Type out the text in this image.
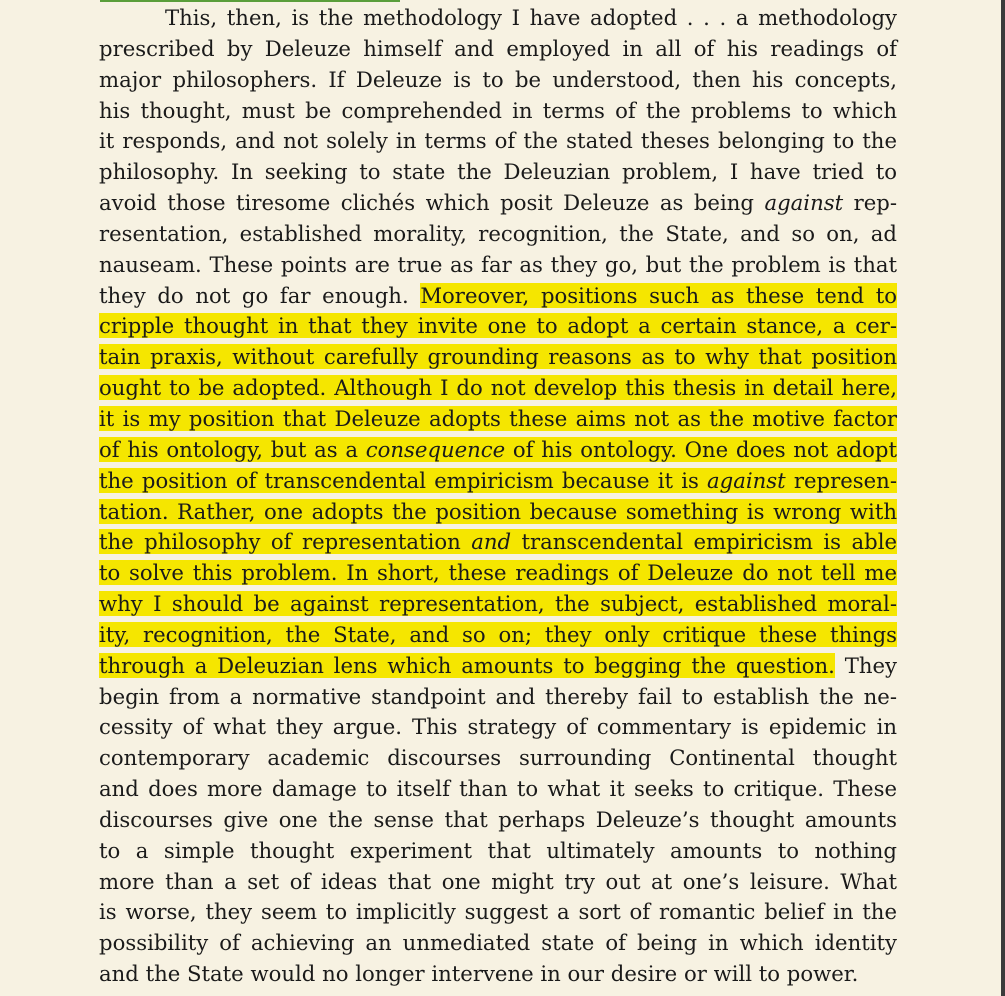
This, then, is the methodology I have adopted . . . a methodology
prescribed by Deleuze himself and employed in all of his readings of
major philosophers. If Deleuze is to be understood, then his concepts,
his thought, must be comprehended in terms of the problems to which
it responds, and not solely in terms of the stated theses belonging to the
philosophy. In seeking to state the Deleuzian problem, I have tried to
avoid those tiresome clichés which posit Deleuze as being against rep-
resentation, established morality, recognition, the State, and so on, ad
nauseam. These points are true as far as they go, but the problem is that
they do not go far enough. Moreover, positions such as these tend to
cripple thought in that they invite one to adopt a certain stance, a cer-
tain praxis, without carefully grounding reasons as to why that position
ought to be adopted. Although I do not develop this thesis in detail here,
it is my position that Deleuze adopts these aims not as the motive factor
of his ontology, but as a consequence of his ontology. One does not adopt
the position of transcendental empiricism because it is against represen-
tation. Rather, one adopts the position because something is wrong with
the philosophy of representation and transcendental empiricism is able
to solve this problem. In short, these readings of Deleuze do not tell me
why I should be against representation, the subject, established moral-
ity, recognition, the State, and so on; they only critique these things
through a Deleuzian lens which amounts to begging the question. They
begin from a normative standpoint and thereby fail to establish the ne-
cessity of what they argue. This strategy of commentary is epidemic in
contemporary academic discourses surrounding Continental thought
and does more damage to itself than to what it seeks to critique. These
discourses give one the sense that perhaps Deleuze’s thought amounts
to a simple thought experiment that ultimately amounts to nothing
more than a set of ideas that one might try out at one’s leisure. What
is worse, they seem to implicitly suggest a sort of romantic belief in the
possibility of achieving an unmediated state of being in which identity
and the State would no longer intervene in our desire or will to power.
